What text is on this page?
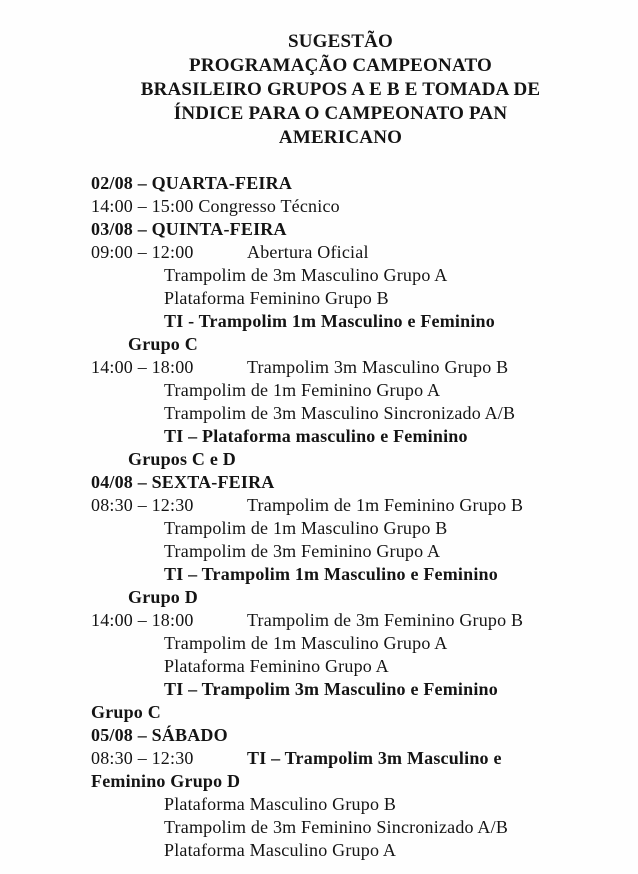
SUGESTÃO
PROGRAMAÇÃO CAMPEONATO
BRASILEIRO GRUPOS A E B E TOMADA DE
ÍNDICE PARA O CAMPEONATO PAN
AMERICANO
02/08 – QUARTA-FEIRA
14:00 – 15:00 Congresso Técnico
03/08 – QUINTA-FEIRA
09:00 – 12:00	Abertura Oficial
Trampolim de 3m Masculino Grupo A
Plataforma Feminino Grupo B
TI - Trampolim 1m Masculino e Feminino
Grupo C
14:00 – 18:00	Trampolim 3m Masculino Grupo B
Trampolim de 1m Feminino Grupo A
Trampolim de 3m Masculino Sincronizado A/B
TI – Plataforma masculino e Feminino
Grupos C e D
04/08 – SEXTA-FEIRA
08:30 – 12:30	Trampolim de 1m Feminino Grupo B
Trampolim de 1m Masculino Grupo B
Trampolim de 3m Feminino Grupo A
TI – Trampolim 1m Masculino e Feminino
Grupo D
14:00 – 18:00	Trampolim de 3m Feminino Grupo B
Trampolim de 1m Masculino Grupo A
Plataforma Feminino Grupo A
TI – Trampolim 3m Masculino e Feminino
Grupo C
05/08 – SÁBADO
08:30 – 12:30	TI – Trampolim 3m Masculino e
Feminino Grupo D
Plataforma Masculino Grupo B
Trampolim de 3m Feminino Sincronizado A/B
Plataforma Masculino Grupo A
